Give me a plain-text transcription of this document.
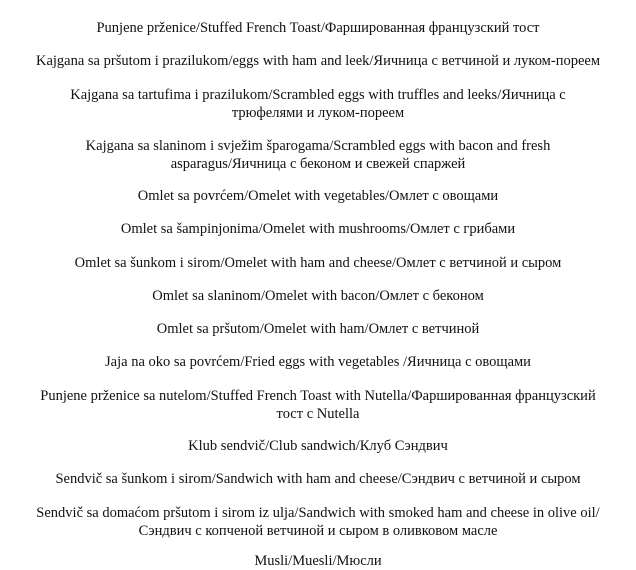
Punjene prženice/Stuffed French Toast/Фаршированная французский тост
Kajgana sa pršutom i prazilukom/eggs with ham and leek/Яичница с ветчиной и луком-пореем
Kajgana sa tartufima i prazilukom/Scrambled eggs with truffles and leeks/Яичница с трюфелями и луком-пореем
Kajgana sa slaninom i svježim šparogama/Scrambled eggs with bacon and fresh asparagus/Яичница с беконом и свежей спаржей
Omlet sa povrćem/Omelet with vegetables/Омлет с овощами
Omlet sa šampinjonima/Omelet with mushrooms/Омлет с грибами
Omlet sa šunkom i sirom/Omelet with ham and cheese/Омлет с ветчиной и сыром
Omlet sa slaninom/Omelet with bacon/Омлет с беконом
Omlet sa pršutom/Omelet with ham/Омлет с ветчиной
Jaja na oko sa povrćem/Fried eggs with vegetables /Яичница с овощами
Punjene prženice sa nutelom/Stuffed French Toast with Nutella/Фаршированная французский тост с Nutella
Klub sendvič/Club sandwich/Клуб Сэндвич
Sendvič sa šunkom i sirom/Sandwich with ham and cheese/Сэндвич с ветчиной и сыром
Sendvič sa domaćom pršutom i sirom iz ulja/Sandwich with smoked ham and cheese in olive oil/ Сэндвич с копченой ветчиной и сыром в оливковом масле
Musli/Muesli/Мюсли
